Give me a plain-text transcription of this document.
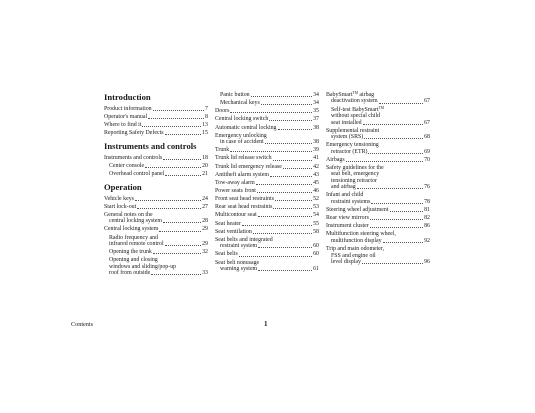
Introduction
Product information	7
Operator's manual	8
Where to find it	13
Reporting Safety Defects	15
Instruments and controls
Instruments and controls	18
Center console	20
Overhead control panel	21
Operation
Vehicle keys	24
Start lock-out	27
General notes on the
central locking system	28
Central locking system	29
Radio frequency and
infrared remote control	29
Opening the trunk	32
Opening and closing
windows and sliding/pop-up
roof from outside	33
Panic button	34
Mechanical keys	34
Doors	35
Central locking switch	37
Automatic central locking	38
Emergency unlocking
in case of accident	38
Trunk	39
Trunk lid release switch	41
Trunk lid emergency release	42
Antitheft alarm system	43
Tow-away alarm	45
Power seats front	46
Front seat head restraints	52
Rear seat head restraints	53
Multicontour seat	54
Seat heater	55
Seat ventilation	58
Seat belts and integrated
restraint system	60
Seat belts	60
Seat belt nonusage
warning system	61
BabySmart™ airbag
deactivation system	67
Self-test BabySmart™
without special child
seat installed	67
Supplemental restraint
system (SRS)	68
Emergency tensioning
retractor (ETR)	69
Airbags	70
Safety guidelines for the
seat belt, emergency
tensioning retractor
and airbag	76
Infant and child
restraint systems	78
Steering wheel adjustment	81
Rear view mirrors	82
Instrument cluster	86
Multifunction steering wheel,
multifunction display	92
Trip and main odometer,
FSS and engine oil
level display	96
Contents	1
